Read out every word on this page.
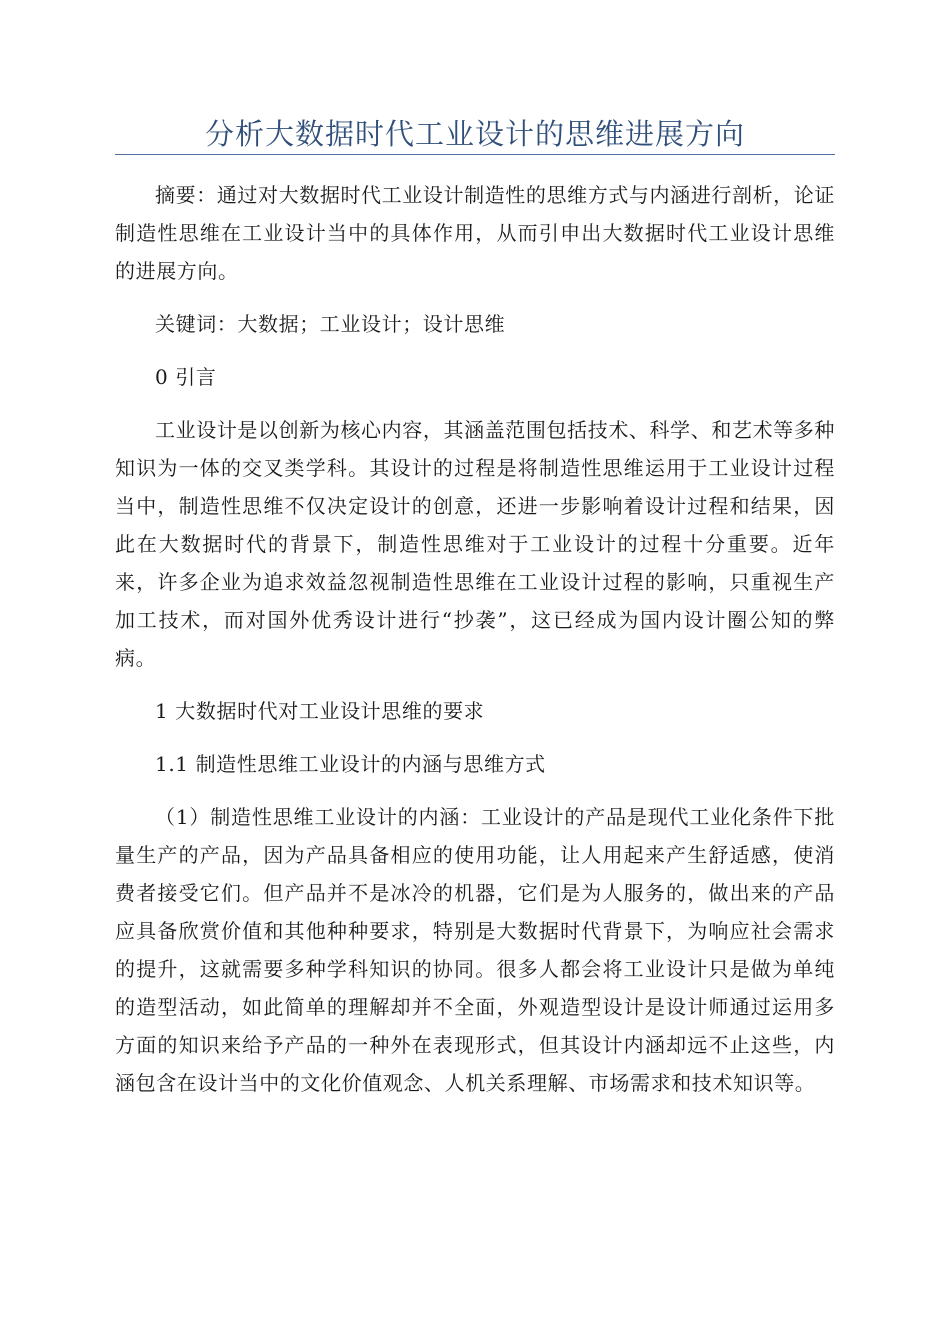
分析大数据时代工业设计的思维进展方向

摘要：通过对大数据时代工业设计制造性的思维方式与内涵进行剖析，论证制造性思维在工业设计当中的具体作用，从而引申出大数据时代工业设计思维的进展方向。

关键词：大数据；工业设计；设计思维

0 引言

工业设计是以创新为核心内容，其涵盖范围包括技术、科学、和艺术等多种知识为一体的交叉类学科。其设计的过程是将制造性思维运用于工业设计过程当中，制造性思维不仅决定设计的创意，还进一步影响着设计过程和结果，因此在大数据时代的背景下，制造性思维对于工业设计的过程十分重要。近年来，许多企业为追求效益忽视制造性思维在工业设计过程的影响，只重视生产加工技术，而对国外优秀设计进行“抄袭”，这已经成为国内设计圈公知的弊病。

1 大数据时代对工业设计思维的要求

1.1 制造性思维工业设计的内涵与思维方式

（1）制造性思维工业设计的内涵：工业设计的产品是现代工业化条件下批量生产的产品，因为产品具备相应的使用功能，让人用起来产生舒适感，使消费者接受它们。但产品并不是冰冷的机器，它们是为人服务的，做出来的产品应具备欣赏价值和其他种种要求，特别是大数据时代背景下，为响应社会需求的提升，这就需要多种学科知识的协同。很多人都会将工业设计只是做为单纯的造型活动，如此简单的理解却并不全面，外观造型设计是设计师通过运用多方面的知识来给予产品的一种外在表现形式，但其设计内涵却远不止这些，内涵包含在设计当中的文化价值观念、人机关系理解、市场需求和技术知识等。
